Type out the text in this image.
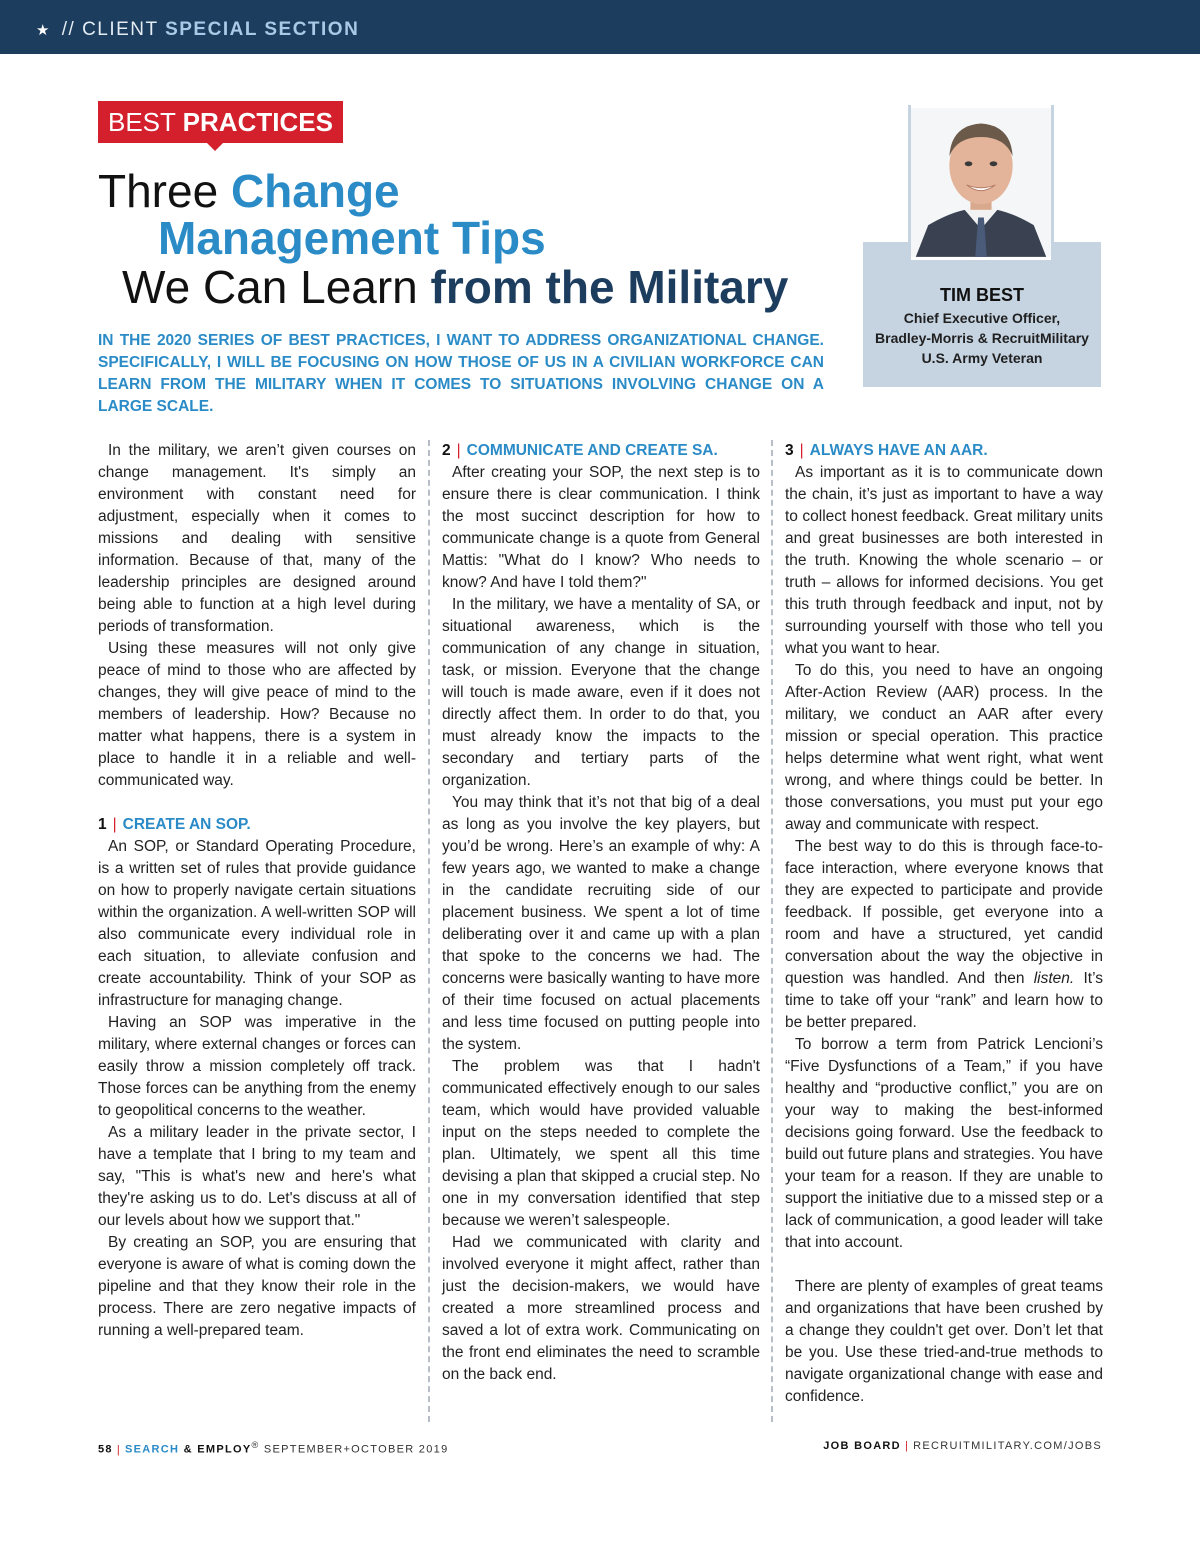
★ // CLIENT SPECIAL SECTION
BEST PRACTICES
Three Change
Management Tips
We Can Learn from the Military
IN THE 2020 SERIES OF BEST PRACTICES, I WANT TO ADDRESS ORGANIZATIONAL CHANGE. SPECIFICALLY, I WILL BE FOCUSING ON HOW THOSE OF US IN A CIVILIAN WORKFORCE CAN LEARN FROM THE MILITARY WHEN IT COMES TO SITUATIONS INVOLVING CHANGE ON A LARGE SCALE.
TIM BEST
Chief Executive Officer,
Bradley-Morris & RecruitMilitary
U.S. Army Veteran

In the military, we aren’t given courses on change management. It's simply an environment with constant need for adjustment, especially when it comes to missions and dealing with sensitive information. Because of that, many of the leadership principles are designed around being able to function at a high level during periods of transformation.

Using these measures will not only give peace of mind to those who are affected by changes, they will give peace of mind to the members of leadership. How? Because no matter what happens, there is a system in place to handle it in a reliable and well-communicated way.

1 | CREATE AN SOP.

An SOP, or Standard Operating Procedure, is a written set of rules that provide guidance on how to properly navigate certain situations within the organization. A well-written SOP will also communicate every individual role in each situation, to alleviate confusion and create accountability. Think of your SOP as infrastructure for managing change.

Having an SOP was imperative in the military, where external changes or forces can easily throw a mission completely off track. Those forces can be anything from the enemy to geopolitical concerns to the weather.

As a military leader in the private sector, I have a template that I bring to my team and say, "This is what's new and here's what they're asking us to do. Let's discuss at all of our levels about how we support that."

By creating an SOP, you are ensuring that everyone is aware of what is coming down the pipeline and that they know their role in the process. There are zero negative impacts of running a well-prepared team.

2 | COMMUNICATE AND CREATE SA.

After creating your SOP, the next step is to ensure there is clear communication. I think the most succinct description for how to communicate change is a quote from General Mattis: "What do I know? Who needs to know? And have I told them?"

In the military, we have a mentality of SA, or situational awareness, which is the communication of any change in situation, task, or mission. Everyone that the change will touch is made aware, even if it does not directly affect them. In order to do that, you must already know the impacts to the secondary and tertiary parts of the organization.

You may think that it’s not that big of a deal as long as you involve the key players, but you’d be wrong. Here’s an example of why: A few years ago, we wanted to make a change in the candidate recruiting side of our placement business. We spent a lot of time deliberating over it and came up with a plan that spoke to the concerns we had. The concerns were basically wanting to have more of their time focused on actual placements and less time focused on putting people into the system.

The problem was that I hadn't communicated effectively enough to our sales team, which would have provided valuable input on the steps needed to complete the plan. Ultimately, we spent all this time devising a plan that skipped a crucial step. No one in my conversation identified that step because we weren’t salespeople.

Had we communicated with clarity and involved everyone it might affect, rather than just the decision-makers, we would have created a more streamlined process and saved a lot of extra work. Communicating on the front end eliminates the need to scramble on the back end.

3 | ALWAYS HAVE AN AAR.

As important as it is to communicate down the chain, it’s just as important to have a way to collect honest feedback. Great military units and great businesses are both interested in the truth. Knowing the whole scenario – or truth – allows for informed decisions. You get this truth through feedback and input, not by surrounding yourself with those who tell you what you want to hear.

To do this, you need to have an ongoing After-Action Review (AAR) process. In the military, we conduct an AAR after every mission or special operation. This practice helps determine what went right, what went wrong, and where things could be better. In those conversations, you must put your ego away and communicate with respect.

The best way to do this is through face-to-face interaction, where everyone knows that they are expected to participate and provide feedback. If possible, get everyone into a room and have a structured, yet candid conversation about the way the objective in question was handled. And then listen. It’s time to take off your “rank” and learn how to be better prepared.

To borrow a term from Patrick Lencioni’s “Five Dysfunctions of a Team,” if you have healthy and “productive conflict,” you are on your way to making the best-informed decisions going forward. Use the feedback to build out future plans and strategies. You have your team for a reason. If they are unable to support the initiative due to a missed step or a lack of communication, a good leader will take that into account.

There are plenty of examples of great teams and organizations that have been crushed by a change they couldn't get over. Don’t let that be you. Use these tried-and-true methods to navigate organizational change with ease and confidence.

58 | SEARCH & EMPLOY® SEPTEMBER+OCTOBER 2019	JOB BOARD | RECRUITMILITARY.COM/JOBS
